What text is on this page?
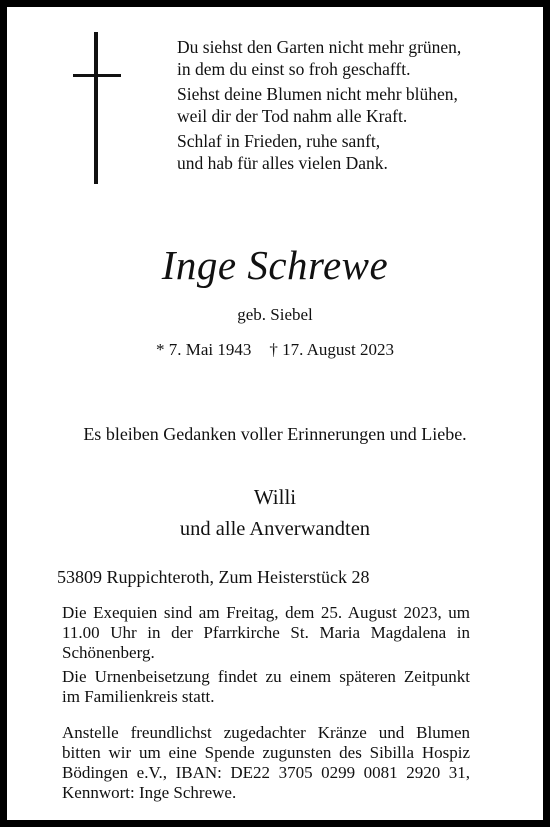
Du siehst den Garten nicht mehr grünen,
in dem du einst so froh geschafft.

Siehst deine Blumen nicht mehr blühen,
weil dir der Tod nahm alle Kraft.

Schlaf in Frieden, ruhe sanft,
und hab für alles vielen Dank.

Inge Schrewe
geb. Siebel
* 7. Mai 1943 † 17. August 2023
Es bleiben Gedanken voller Erinnerungen und Liebe.
Willi
und alle Anverwandten
53809 Ruppichteroth, Zum Heisterstück 28
Die Exequien sind am Freitag, dem 25. August 2023, um
11.00 Uhr in der Pfarrkirche St. Maria Magdalena in
Schönenberg.
Die Urnenbeisetzung findet zu einem späteren Zeitpunkt
im Familienkreis statt.
Anstelle freundlichst zugedachter Kränze und Blumen
bitten wir um eine Spende zugunsten des Sibilla Hospiz
Bödingen e.V., IBAN: DE22 3705 0299 0081 2920 31,
Kennwort: Inge Schrewe.
